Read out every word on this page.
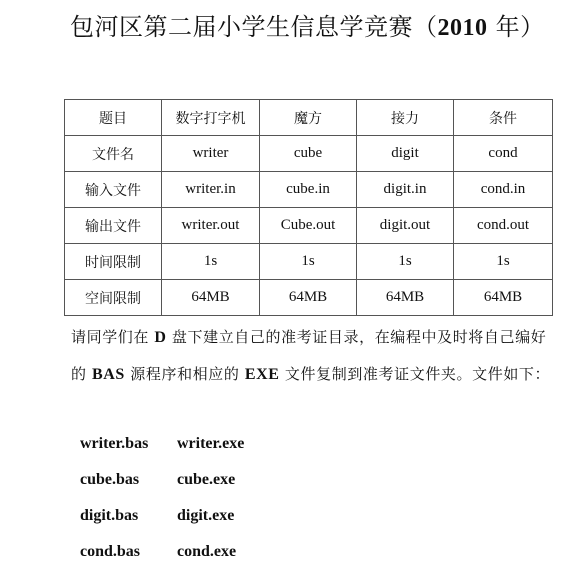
包河区第二届小学生信息学竞赛（2010 年）
题目	数字打字机	魔方	接力	条件
文件名	writer	cube	digit	cond
输入文件	writer.in	cube.in	digit.in	cond.in
输出文件	writer.out	Cube.out	digit.out	cond.out
时间限制	1s	1s	1s	1s
空间限制	64MB	64MB	64MB	64MB
请同学们在 D 盘下建立自己的准考证目录，在编程中及时将自己编好的 BAS 源程序和相应的 EXE 文件复制到准考证文件夹。文件如下：
writer.bas writer.exe
cube.bas cube.exe
digit.bas digit.exe
cond.bas cond.exe
